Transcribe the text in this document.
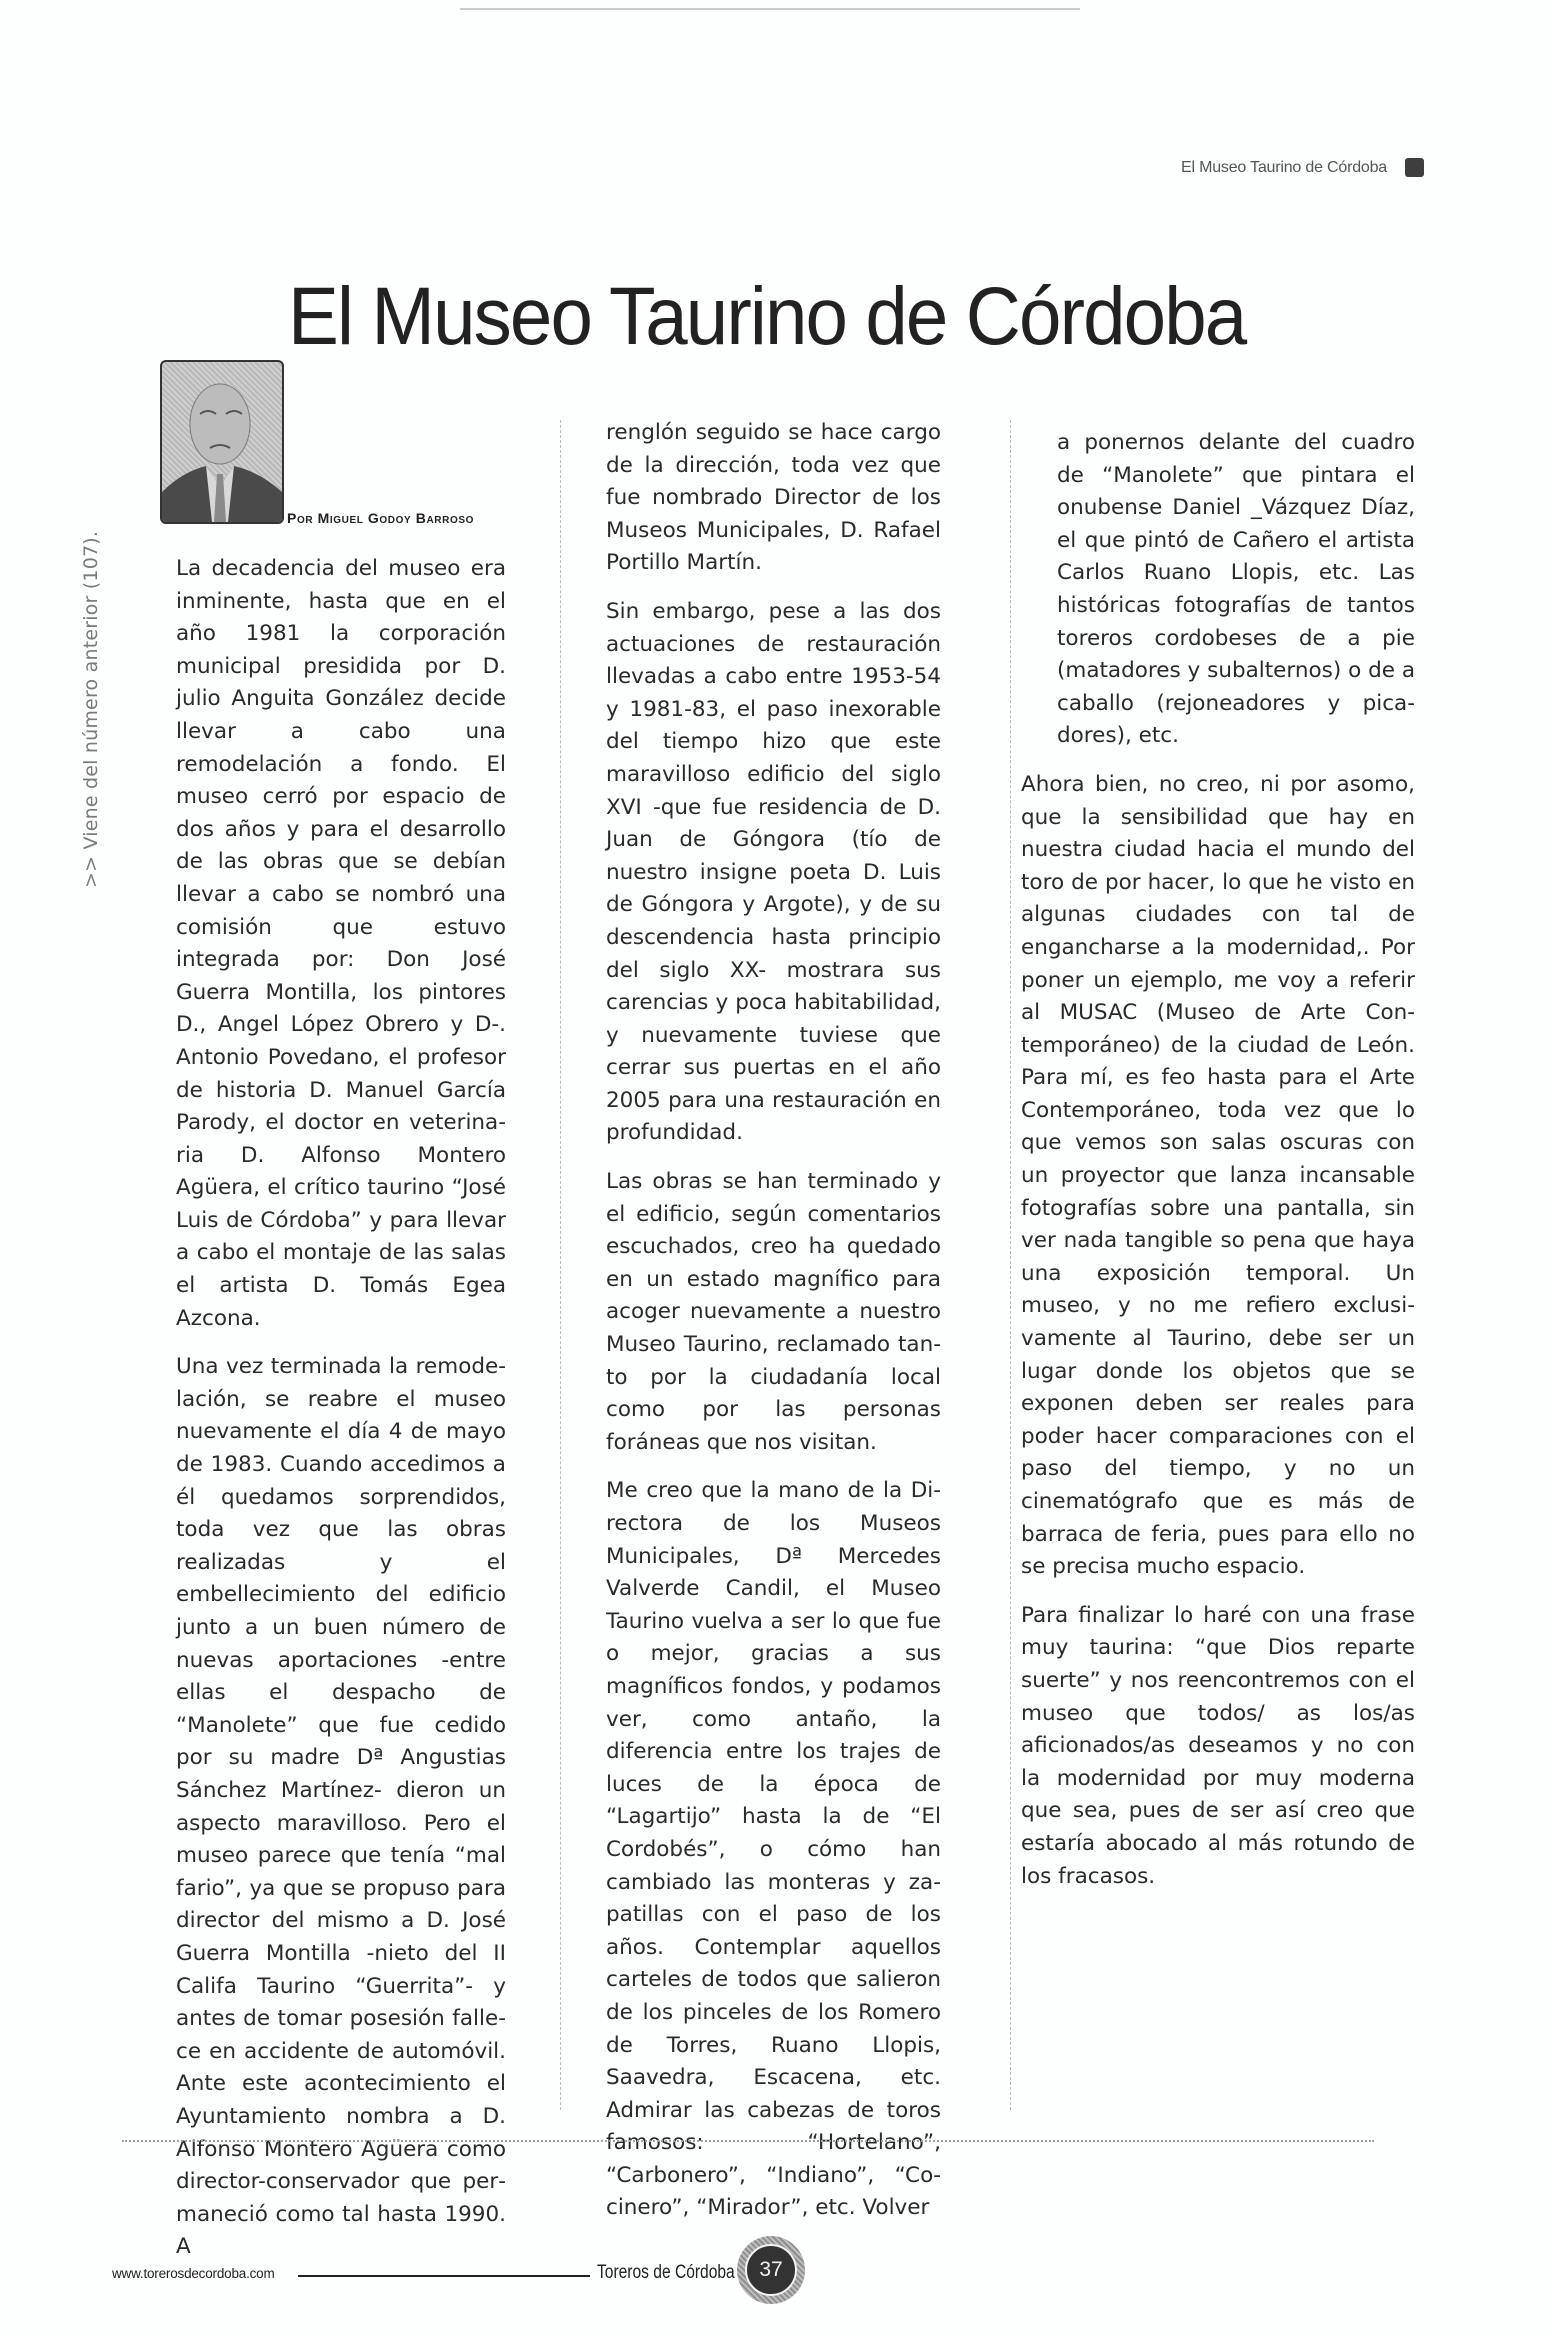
El Museo Taurino de Córdoba
El Museo Taurino de Córdoba
Por Miguel Godoy Barroso
>> Viene del número anterior (107).	La decadencia del museo era inminente, hasta que en el año 1981 la corporación municipal presidida por D. julio Anguita González decide llevar a cabo una remodelación a fondo. El museo cerró por espacio de dos años y para el desarrollo de las obras que se debían llevar a cabo se nombró una comisión que estuvo integrada por: Don José Guerra Montilla, los pintores D., Angel López Obrero y D-. Antonio Povedano, el profesor de historia D. Manuel García Parody, el doctor en veterinaria D. Alfonso Montero Agüera, el crítico taurino “José Luis de Córdoba” y para llevar a cabo el montaje de las salas el artista D. Tomás Egea Azcona.

Una vez terminada la remodelación, se reabre el museo nuevamente el día 4 de mayo de 1983. Cuando accedimos a él quedamos sorprendidos, toda vez que las obras realizadas y el embellecimiento del edificio junto a un buen número de nuevas aportaciones -entre ellas el despacho de “Manolete” que fue cedido por su madre Dª Angustias Sánchez Martínez- dieron un aspecto maravilloso. Pero el museo parece que tenía “mal fario”, ya que se propuso para director del mismo a D. José Guerra Montilla -nieto del II Califa Taurino “Guerrita”- y antes de tomar posesión fallece en accidente de automóvil. Ante este acontecimiento el Ayuntamiento nombra a D. Alfonso Montero Agüera como director-conservador que permaneció como tal hasta 1990. A

renglón seguido se hace cargo de la dirección, toda vez que fue nombrado Director de los Museos Municipales, D. Rafael Portillo Martín.

Sin embargo, pese a las dos actuaciones de restauración llevadas a cabo entre 1953-54 y 1981-83, el paso inexorable del tiempo hizo que este maravilloso edificio del siglo XVI -que fue residencia de D. Juan de Góngora (tío de nuestro insigne poeta D. Luis de Góngora y Argote), y de su descendencia hasta principio del siglo XX- mostrara sus carencias y poca habitabilidad, y nuevamente tuviese que cerrar sus puertas en el año 2005 para una restauración en profundidad.

Las obras se han terminado y el edificio, según comentarios escuchados, creo ha quedado en un estado magnífico para acoger nuevamente a nuestro Museo Taurino, reclamado tanto por la ciudadanía local como por las personas foráneas que nos visitan.

Me creo que la mano de la Directora de los Museos Municipales, Dª Mercedes Valverde Candil, el Museo Taurino vuelva a ser lo que fue o mejor, gracias a sus magníficos fondos, y podamos ver, como antaño, la diferencia entre los trajes de luces de la época de “Lagartijo” hasta la de “El Cordobés”, o cómo han cambiado las monteras y zapatillas con el paso de los años. Contemplar aquellos carteles de todos que salieron de los pinceles de los Romero de Torres, Ruano Llopis, Saavedra, Escacena, etc. Admirar las cabezas de toros famosos: “Hortelano”, “Carbonero”, “Indiano”, “Cocinero”, “Mirador”, etc. Volver

a ponernos delante del cuadro de “Manolete” que pintara el onubense Daniel _Vázquez Díaz, el que pintó de Cañero el artista Carlos Ruano Llopis, etc. Las históricas fotografías de tantos toreros cordobeses de a pie (matadores y subalternos) o de a caballo (rejoneadores y picadores), etc.

Ahora bien, no creo, ni por asomo, que la sensibilidad que hay en nuestra ciudad hacia el mundo del toro de por hacer, lo que he visto en algunas ciudades con tal de engancharse a la modernidad,. Por poner un ejemplo, me voy a referir al MUSAC (Museo de Arte Contemporáneo) de la ciudad de León. Para mí, es feo hasta para el Arte Contemporáneo, toda vez que lo que vemos son salas oscuras con un proyector que lanza incansable fotografías sobre una pantalla, sin ver nada tangible so pena que haya una exposición temporal. Un museo, y no me refiero exclusivamente al Taurino, debe ser un lugar donde los objetos que se exponen deben ser reales para poder hacer comparaciones con el paso del tiempo, y no un cinematógrafo que es más de barraca de feria, pues para ello no se precisa mucho espacio.

Para finalizar lo haré con una frase muy taurina: “que Dios reparte suerte” y nos reencontremos con el museo que todos/ as los/as aficionados/as deseamos y no con la modernidad por muy moderna que sea, pues de ser así creo que estaría abocado al más rotundo de los fracasos.

www.torerosdecordoba.com	Toreros de Córdoba 37
